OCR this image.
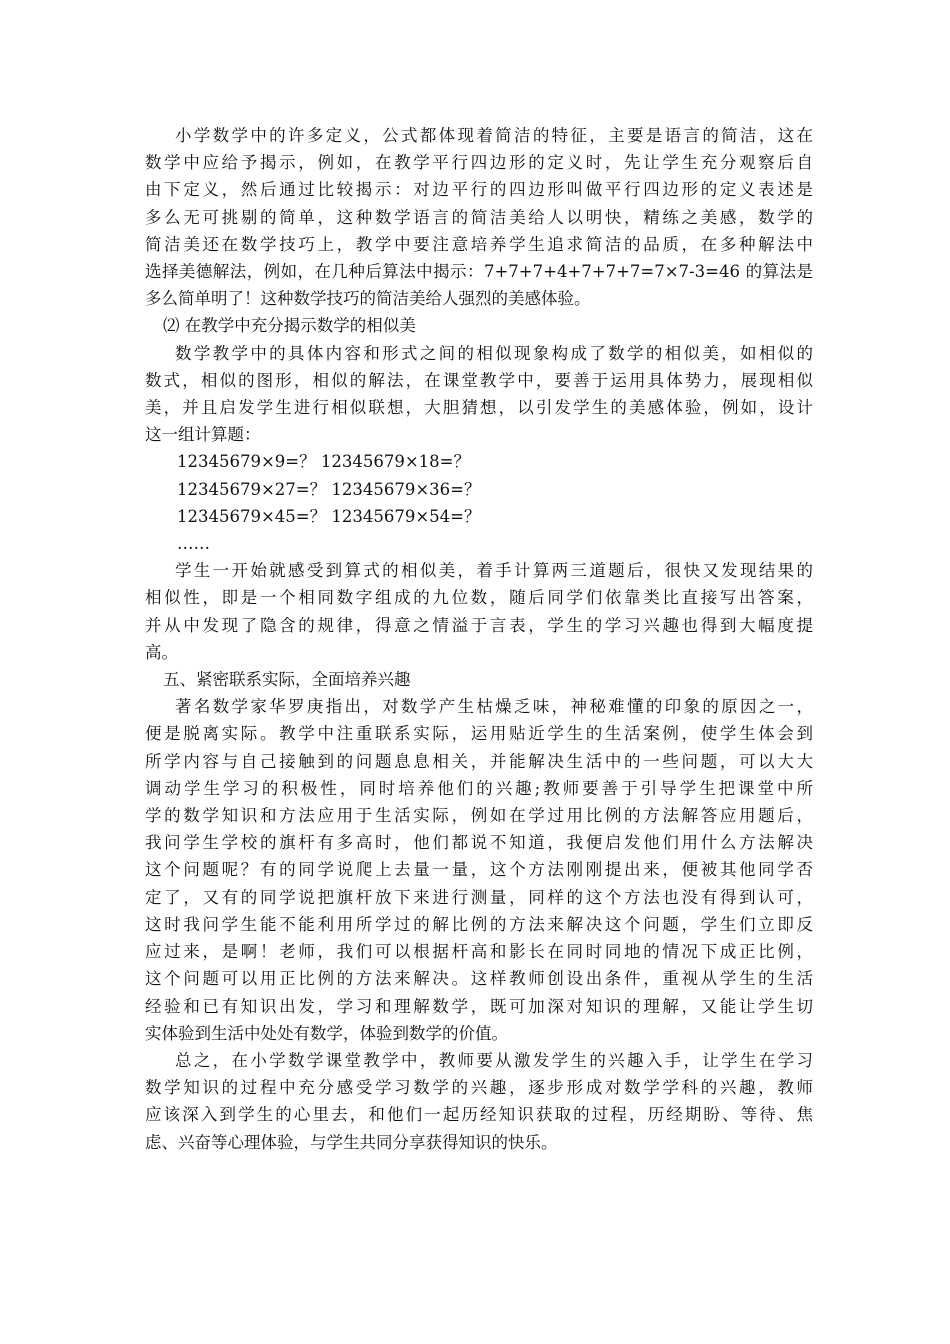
小学数学中的许多定义，公式都体现着简洁的特征，主要是语言的简洁，这在
数学中应给予揭示，例如，在教学平行四边形的定义时，先让学生充分观察后自
由下定义，然后通过比较揭示：对边平行的四边形叫做平行四边形的定义表述是
多么无可挑剔的简单，这种数学语言的简洁美给人以明快，精练之美感，数学的
简洁美还在数学技巧上，教学中要注意培养学生追求简洁的品质，在多种解法中
选择美德解法，例如，在几种后算法中揭示：7+7+7+4+7+7+7=7×7-3=46 的算法是
多么简单明了！这种数学技巧的简洁美给人强烈的美感体验。
⑵ 在教学中充分揭示数学的相似美
数学教学中的具体内容和形式之间的相似现象构成了数学的相似美，如相似的
数式，相似的图形，相似的解法，在课堂教学中，要善于运用具体势力，展现相似
美，并且启发学生进行相似联想，大胆猜想，以引发学生的美感体验，例如，设计
这一组计算题：
12345679×9=？ 12345679×18=？
12345679×27=？ 12345679×36=？
12345679×45=？ 12345679×54=？
……
学生一开始就感受到算式的相似美，着手计算两三道题后，很快又发现结果的
相似性，即是一个相同数字组成的九位数，随后同学们依靠类比直接写出答案，
并从中发现了隐含的规律，得意之情溢于言表，学生的学习兴趣也得到大幅度提
高。
五、紧密联系实际，全面培养兴趣
著名数学家华罗庚指出，对数学产生枯燥乏味，神秘难懂的印象的原因之一，
便是脱离实际。教学中注重联系实际，运用贴近学生的生活案例，使学生体会到
所学内容与自己接触到的问题息息相关，并能解决生活中的一些问题，可以大大
调动学生学习的积极性，同时培养他们的兴趣;教师要善于引导学生把课堂中所
学的数学知识和方法应用于生活实际，例如在学过用比例的方法解答应用题后，
我问学生学校的旗杆有多高时，他们都说不知道，我便启发他们用什么方法解决
这个问题呢？有的同学说爬上去量一量，这个方法刚刚提出来，便被其他同学否
定了，又有的同学说把旗杆放下来进行测量，同样的这个方法也没有得到认可，
这时我问学生能不能利用所学过的解比例的方法来解决这个问题，学生们立即反
应过来，是啊！老师，我们可以根据杆高和影长在同时同地的情况下成正比例，
这个问题可以用正比例的方法来解决。这样教师创设出条件，重视从学生的生活
经验和已有知识出发，学习和理解数学，既可加深对知识的理解，又能让学生切
实体验到生活中处处有数学，体验到数学的价值。
总之，在小学数学课堂教学中，教师要从激发学生的兴趣入手，让学生在学习
数学知识的过程中充分感受学习数学的兴趣，逐步形成对数学学科的兴趣，教师
应该深入到学生的心里去，和他们一起历经知识获取的过程，历经期盼、等待、焦
虑、兴奋等心理体验，与学生共同分享获得知识的快乐。
